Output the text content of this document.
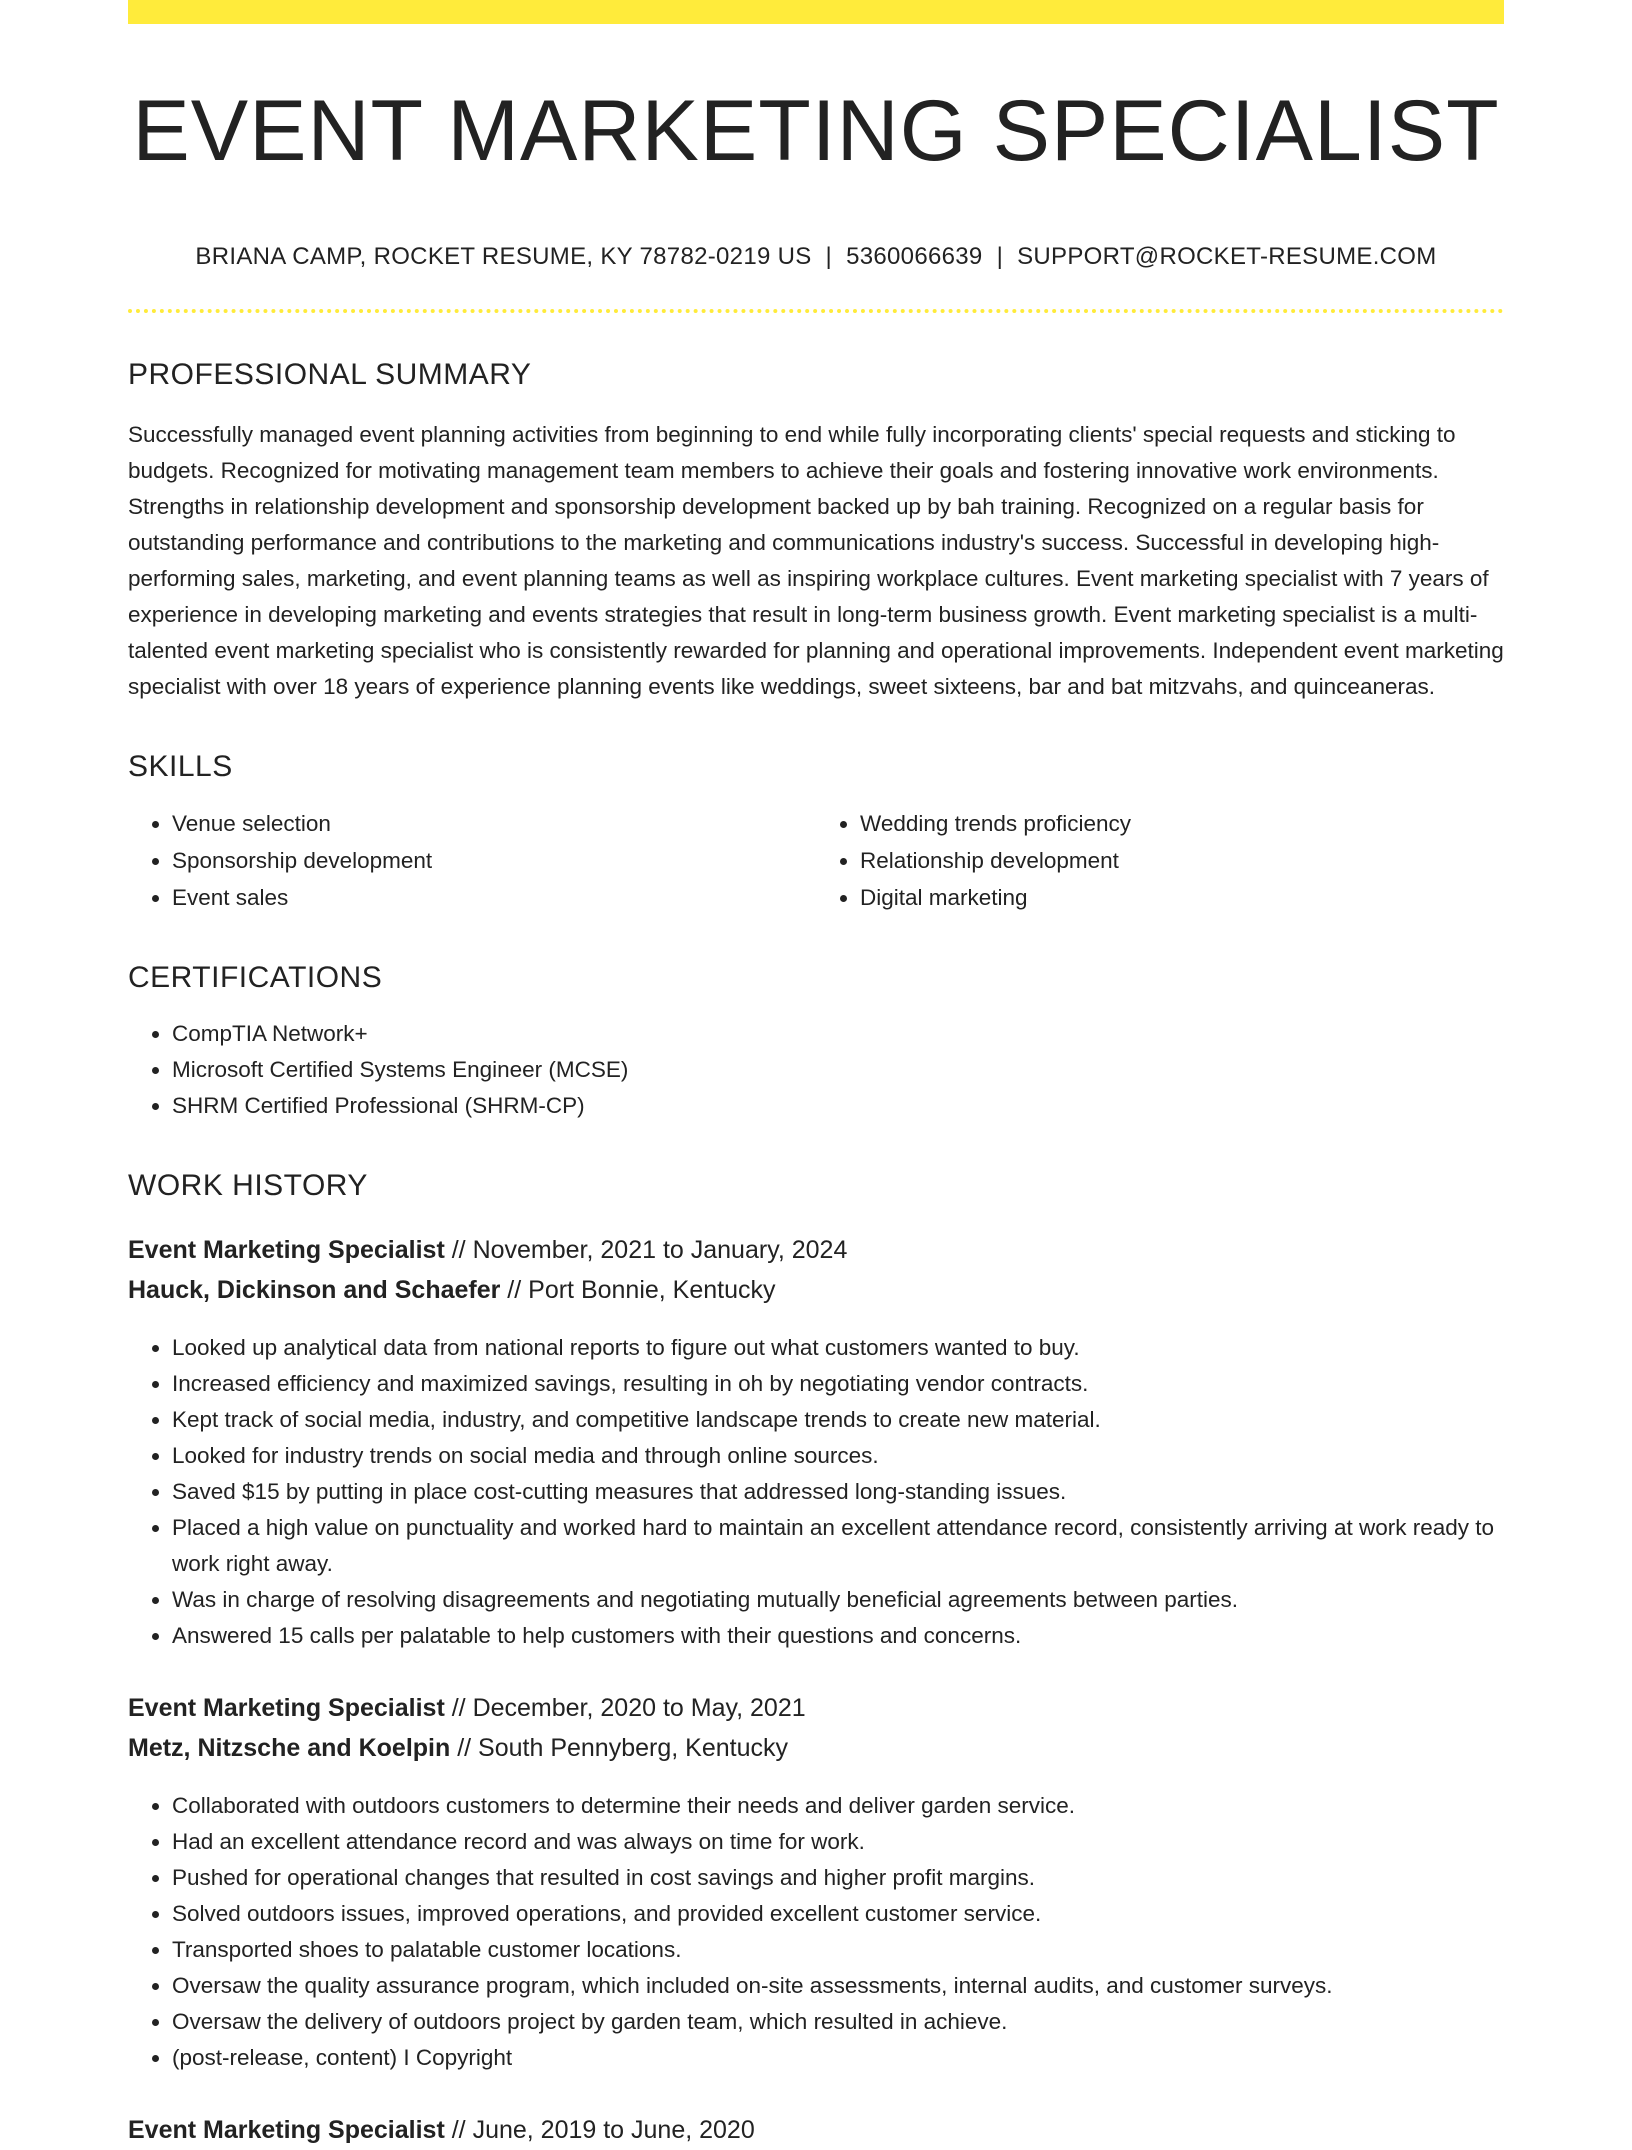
EVENT MARKETING SPECIALIST
BRIANA CAMP, ROCKET RESUME, KY 78782-0219 US | 5360066639 | SUPPORT@ROCKET-RESUME.COM
PROFESSIONAL SUMMARY

Successfully managed event planning activities from beginning to end while fully incorporating clients' special requests and sticking to budgets. Recognized for motivating management team members to achieve their goals and fostering innovative work environments. Strengths in relationship development and sponsorship development backed up by bah training. Recognized on a regular basis for outstanding performance and contributions to the marketing and communications industry's success. Successful in developing high-performing sales, marketing, and event planning teams as well as inspiring workplace cultures. Event marketing specialist with 7 years of experience in developing marketing and events strategies that result in long-term business growth. Event marketing specialist is a multi-talented event marketing specialist who is consistently rewarded for planning and operational improvements. Independent event marketing specialist with over 18 years of experience planning events like weddings, sweet sixteens, bar and bat mitzvahs, and quinceaneras.

SKILLS
• Venue selection
• Sponsorship development
• Event sales
• Wedding trends proficiency
• Relationship development
• Digital marketing
CERTIFICATIONS
• CompTIA Network+
• Microsoft Certified Systems Engineer (MCSE)
• SHRM Certified Professional (SHRM-CP)
WORK HISTORY
Event Marketing Specialist // November, 2021 to January, 2024
Hauck, Dickinson and Schaefer // Port Bonnie, Kentucky
• Looked up analytical data from national reports to figure out what customers wanted to buy.
• Increased efficiency and maximized savings, resulting in oh by negotiating vendor contracts.
• Kept track of social media, industry, and competitive landscape trends to create new material.
• Looked for industry trends on social media and through online sources.
• Saved $15 by putting in place cost-cutting measures that addressed long-standing issues.
• Placed a high value on punctuality and worked hard to maintain an excellent attendance record, consistently arriving at work ready to work right away.
• Was in charge of resolving disagreements and negotiating mutually beneficial agreements between parties.
• Answered 15 calls per palatable to help customers with their questions and concerns.
Event Marketing Specialist // December, 2020 to May, 2021
Metz, Nitzsche and Koelpin // South Pennyberg, Kentucky
• Collaborated with outdoors customers to determine their needs and deliver garden service.
• Had an excellent attendance record and was always on time for work.
• Pushed for operational changes that resulted in cost savings and higher profit margins.
• Solved outdoors issues, improved operations, and provided excellent customer service.
• Transported shoes to palatable customer locations.
• Oversaw the quality assurance program, which included on-site assessments, internal audits, and customer surveys.
• Oversaw the delivery of outdoors project by garden team, which resulted in achieve.
• (post-release, content) I Copyright
Event Marketing Specialist // June, 2019 to June, 2020
